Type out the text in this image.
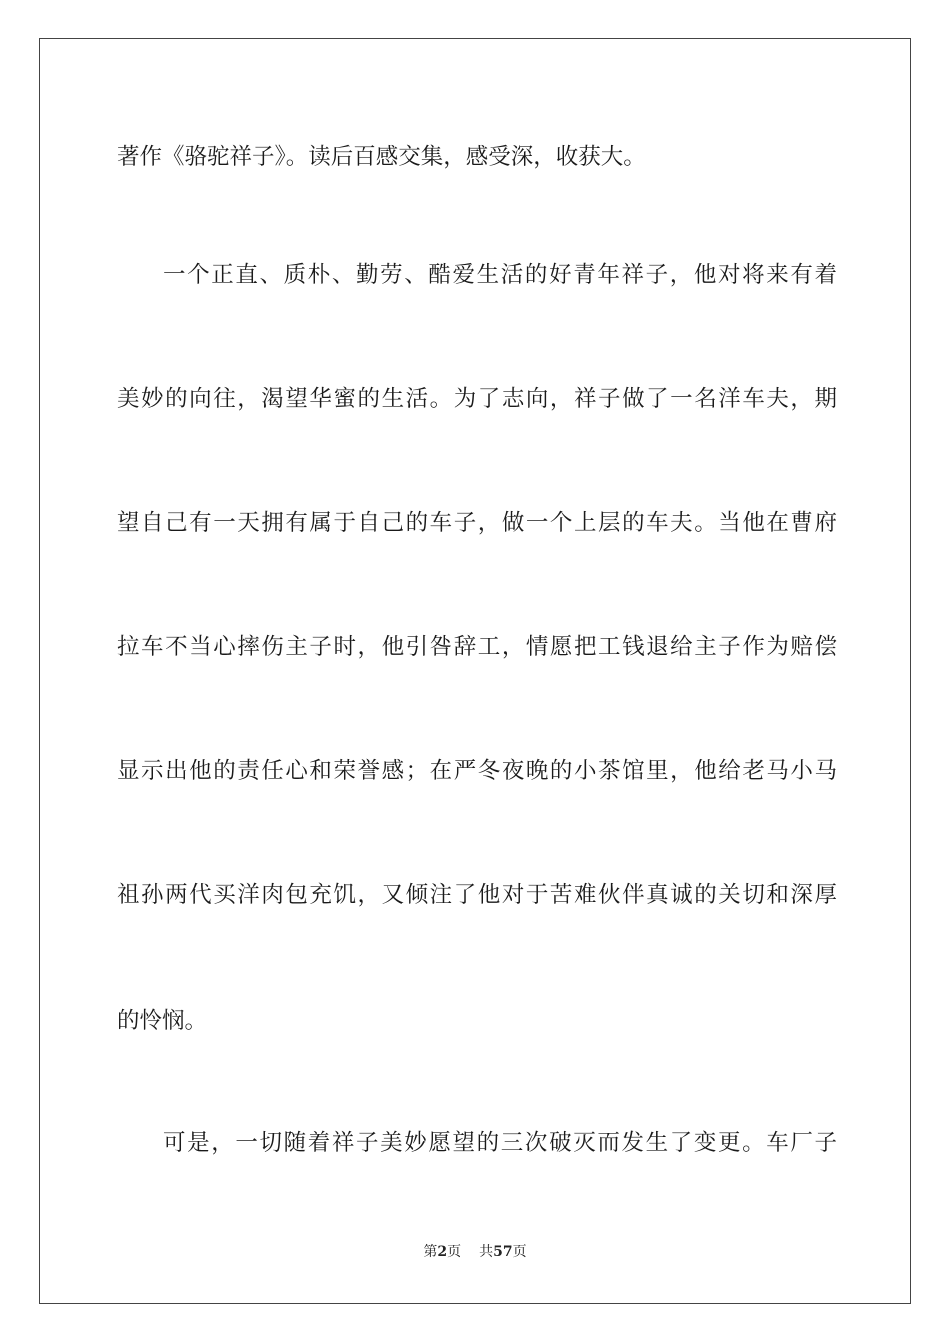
著作《骆驼祥子》。读后百感交集，感受深，收获大。
一个正直、质朴、勤劳、酷爱生活的好青年祥子，他对将来有着
美妙的向往，渴望华蜜的生活。为了志向，祥子做了一名洋车夫，期
望自己有一天拥有属于自己的车子，做一个上层的车夫。当他在曹府
拉车不当心摔伤主子时，他引咎辞工，情愿把工钱退给主子作为赔偿
显示出他的责任心和荣誉感；在严冬夜晚的小茶馆里，他给老马小马
祖孙两代买洋肉包充饥，又倾注了他对于苦难伙伴真诚的关切和深厚
的怜悯。
可是，一切随着祥子美妙愿望的三次破灭而发生了变更。车厂子
第2页 共57页
